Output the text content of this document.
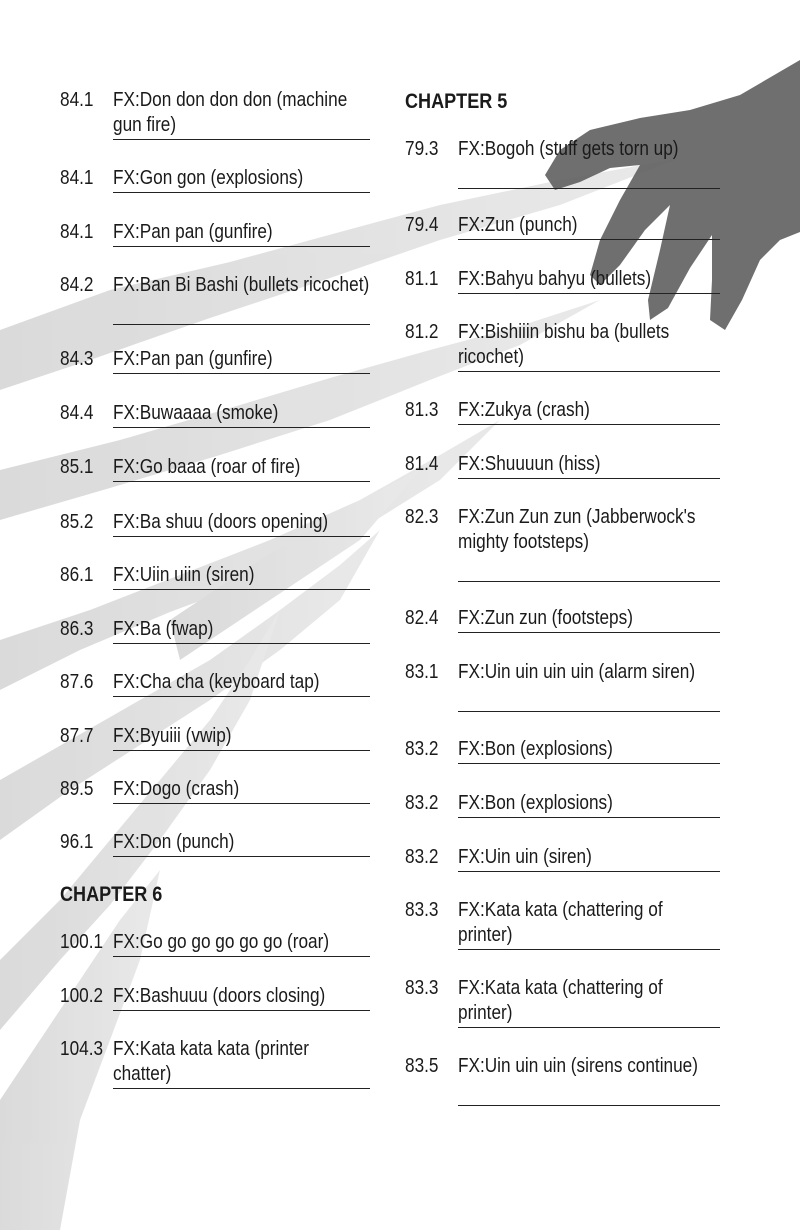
84.1 FX:Don don don don (machine gun fire)
84.1 FX:Gon gon (explosions)
84.1 FX:Pan pan (gunfire)
84.2 FX:Ban Bi Bashi (bullets ricochet)
84.3 FX:Pan pan (gunfire)
84.4 FX:Buwaaaa (smoke)
85.1 FX:Go baaa (roar of fire)
85.2 FX:Ba shuu (doors opening)
86.1 FX:Uiin uiin (siren)
86.3 FX:Ba (fwap)
87.6 FX:Cha cha (keyboard tap)
87.7 FX:Byuiii (vwip)
89.5 FX:Dogo (crash)
96.1 FX:Don (punch)
CHAPTER 6
100.1 FX:Go go go go go go (roar)
100.2 FX:Bashuuu (doors closing)
104.3 FX:Kata kata kata (printer chatter)
CHAPTER 5
79.3 FX:Bogoh (stuff gets torn up)
79.4 FX:Zun (punch)
81.1 FX:Bahyu bahyu (bullets)
81.2 FX:Bishiiin bishu ba (bullets ricochet)
81.3 FX:Zukya (crash)
81.4 FX:Shuuuun (hiss)
82.3 FX:Zun Zun zun (Jabberwock's mighty footsteps)
82.4 FX:Zun zun (footsteps)
83.1 FX:Uin uin uin uin (alarm siren)
83.2 FX:Bon (explosions)
83.2 FX:Bon (explosions)
83.2 FX:Uin uin (siren)
83.3 FX:Kata kata (chattering of printer)
83.3 FX:Kata kata (chattering of printer)
83.5 FX:Uin uin uin (sirens continue)
